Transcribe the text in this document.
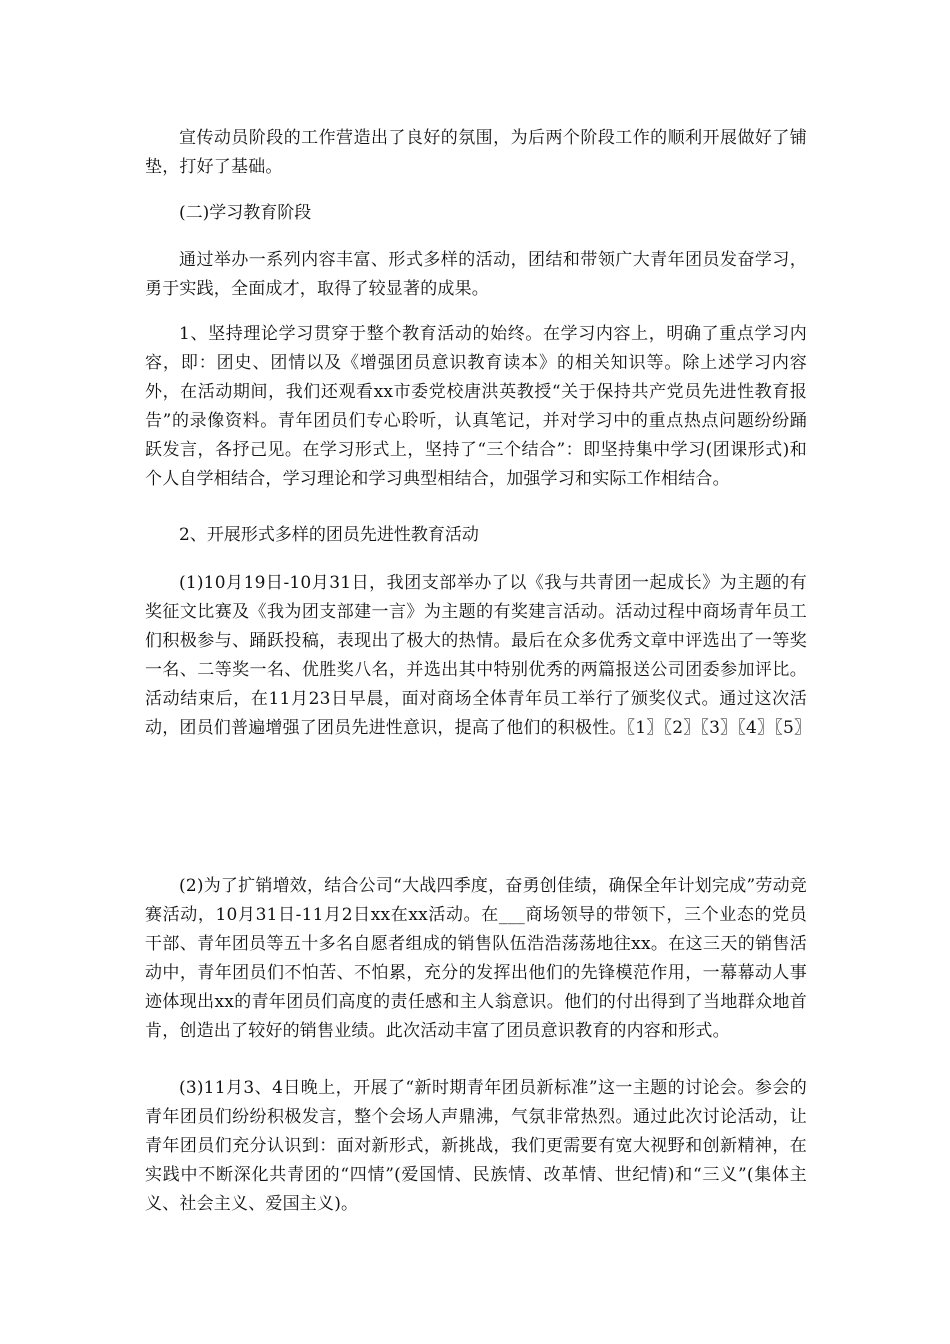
宣传动员阶段的工作营造出了良好的氛围，为后两个阶段工作的顺利开展做好了铺垫，打好了基础。

(二)学习教育阶段

通过举办一系列内容丰富、形式多样的活动，团结和带领广大青年团员发奋学习，勇于实践，全面成才，取得了较显著的成果。

1、坚持理论学习贯穿于整个教育活动的始终。在学习内容上，明确了重点学习内容，即：团史、团情以及《增强团员意识教育读本》的相关知识等。除上述学习内容外，在活动期间，我们还观看xx市委党校唐洪英教授“关于保持共产党员先进性教育报告”的录像资料。青年团员们专心聆听，认真笔记，并对学习中的重点热点问题纷纷踊跃发言，各抒己见。在学习形式上，坚持了“三个结合”：即坚持集中学习(团课形式)和个人自学相结合，学习理论和学习典型相结合，加强学习和实际工作相结合。

2、开展形式多样的团员先进性教育活动

(1)10月19日-10月31日，我团支部举办了以《我与共青团一起成长》为主题的有奖征文比赛及《我为团支部建一言》为主题的有奖建言活动。活动过程中商场青年员工们积极参与、踊跃投稿，表现出了极大的热情。最后在众多优秀文章中评选出了一等奖一名、二等奖一名、优胜奖八名，并选出其中特别优秀的两篇报送公司团委参加评比。活动结束后，在11月23日早晨，面对商场全体青年员工举行了颁奖仪式。通过这次活动，团员们普遍增强了团员先进性意识，提高了他们的积极性。〖1〗〖2〗〖3〗〖4〗〖5〗

(2)为了扩销增效，结合公司“大战四季度，奋勇创佳绩，确保全年计划完成”劳动竞赛活动，10月31日-11月2日xx在xx活动。在___商场领导的带领下，三个业态的党员干部、青年团员等五十多名自愿者组成的销售队伍浩浩荡荡地往xx。在这三天的销售活动中，青年团员们不怕苦、不怕累，充分的发挥出他们的先锋模范作用，一幕幕动人事迹体现出xx的青年团员们高度的责任感和主人翁意识。他们的付出得到了当地群众地首肯，创造出了较好的销售业绩。此次活动丰富了团员意识教育的内容和形式。

(3)11月3、4日晚上，开展了“新时期青年团员新标准”这一主题的讨论会。参会的青年团员们纷纷积极发言，整个会场人声鼎沸，气氛非常热烈。通过此次讨论活动，让青年团员们充分认识到：面对新形式，新挑战，我们更需要有宽大视野和创新精神，在实践中不断深化共青团的“四情”(爱国情、民族情、改革情、世纪情)和“三义”(集体主义、社会主义、爱国主义)。
